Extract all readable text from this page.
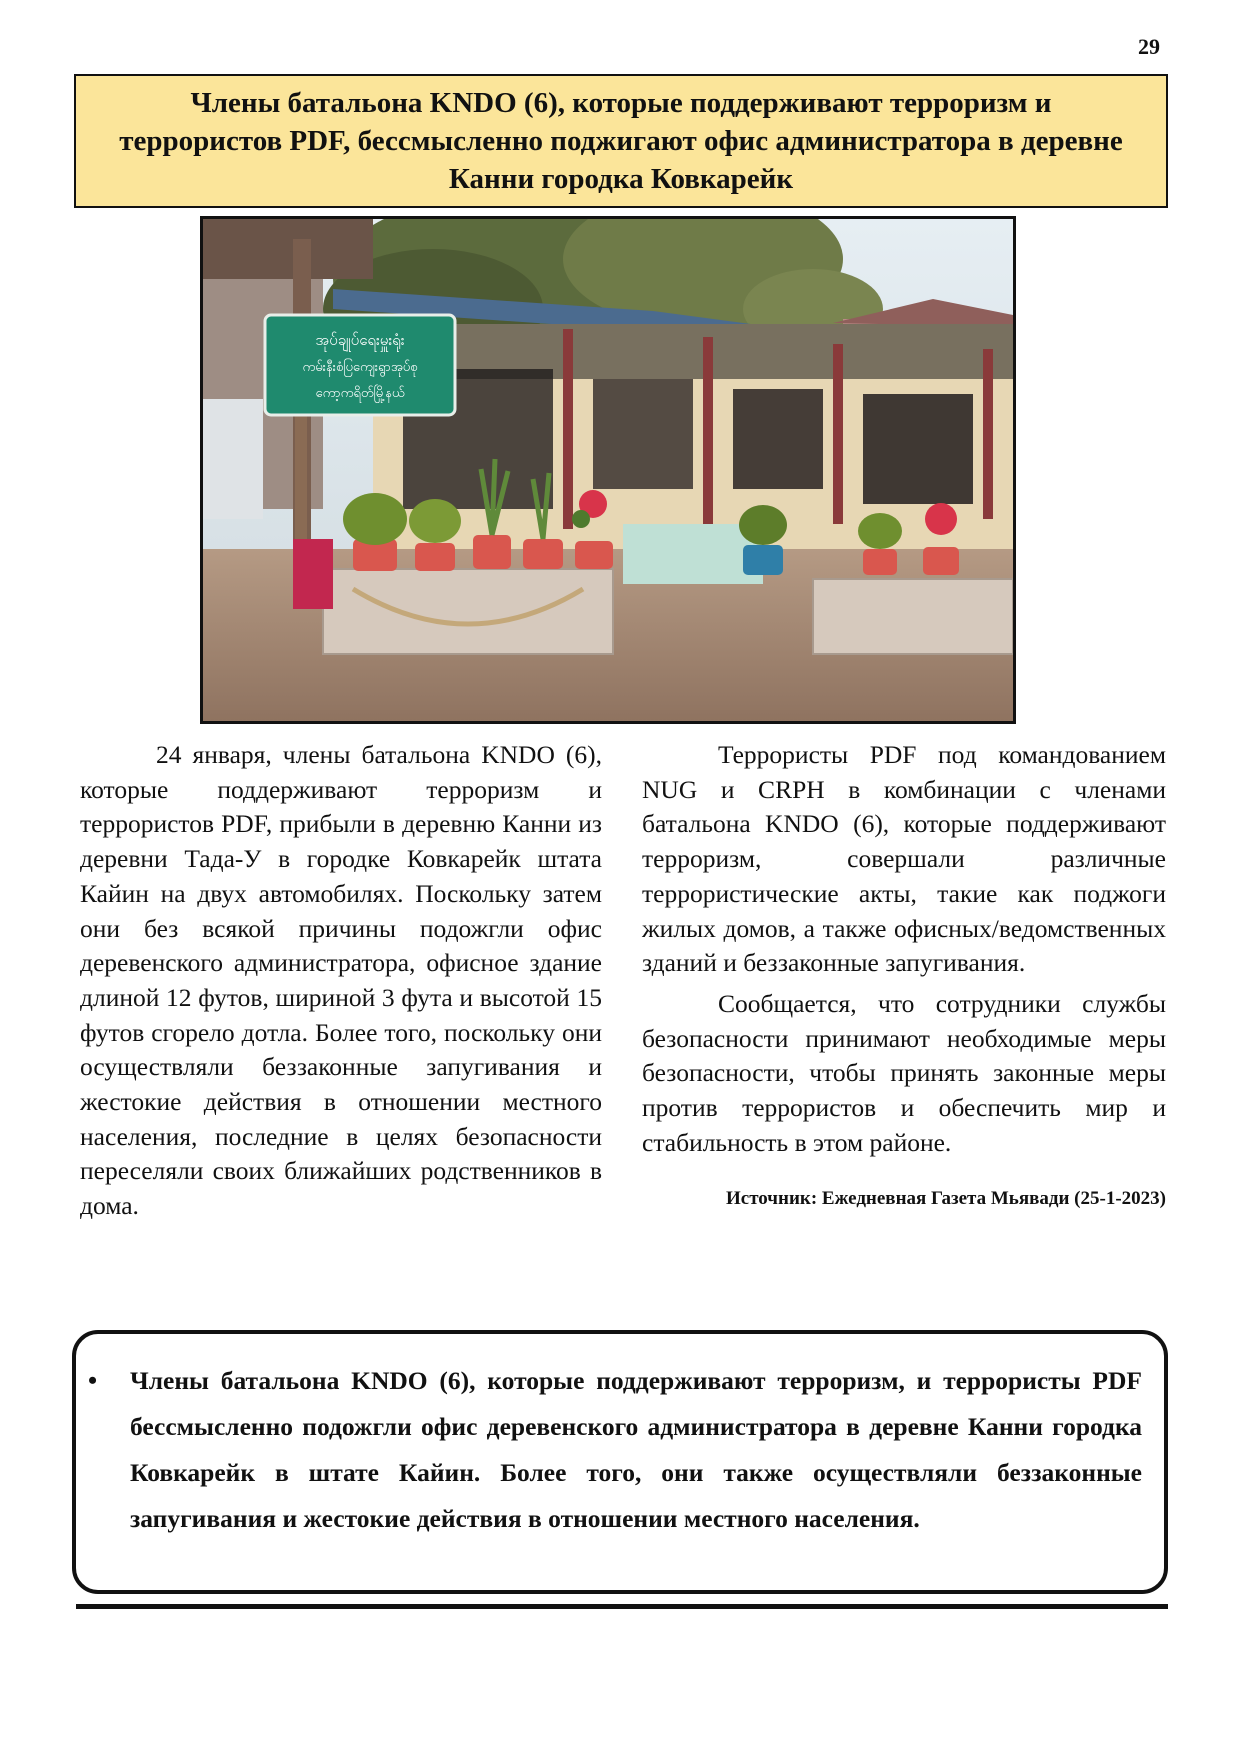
29
Члены батальона KNDO (6), которые поддерживают терроризм и террористов PDF, бессмысленно поджигают офис администратора в деревне Канни городка Ковкарейк
အုပ်ချုပ်ရေးမှူးရုံး
ကမ်းနီးစံပြကျေးရွာအုပ်စု
ကော့ကရိတ်မြို့နယ်

24 января, члены батальона KNDO (6), которые поддерживают терроризм и террористов PDF, прибыли в деревню Канни из деревни Тада-У в городке Ковкарейк штата Кайин на двух автомобилях. Поскольку затем они без всякой причины подожгли офис деревенского администратора, офисное здание длиной 12 футов, шириной 3 фута и высотой 15 футов сгорело дотла. Более того, поскольку они осуществляли беззаконные запугивания и жестокие действия в отношении местного населения, последние в целях безопасности переселяли своих ближайших родственников в дома.

Террористы PDF под командованием NUG и CRPH в комбинации с членами батальона KNDO (6), которые поддерживают терроризм, совершали различные террористические акты, такие как поджоги жилых домов, а также офисных/ведомственных зданий и беззаконные запугивания.

Сообщается, что сотрудники службы безопасности принимают необходимые меры безопасности, чтобы принять законные меры против террористов и обеспечить мир и стабильность в этом районе.

Источник: Ежедневная Газета Мьявади (25-1-2023)

• Члены батальона KNDO (6), которые поддерживают терроризм, и террористы PDF бессмысленно подожгли офис деревенского администратора в деревне Канни городка Ковкарейк в штате Кайин. Более того, они также осуществляли беззаконные запугивания и жестокие действия в отношении местного населения.
